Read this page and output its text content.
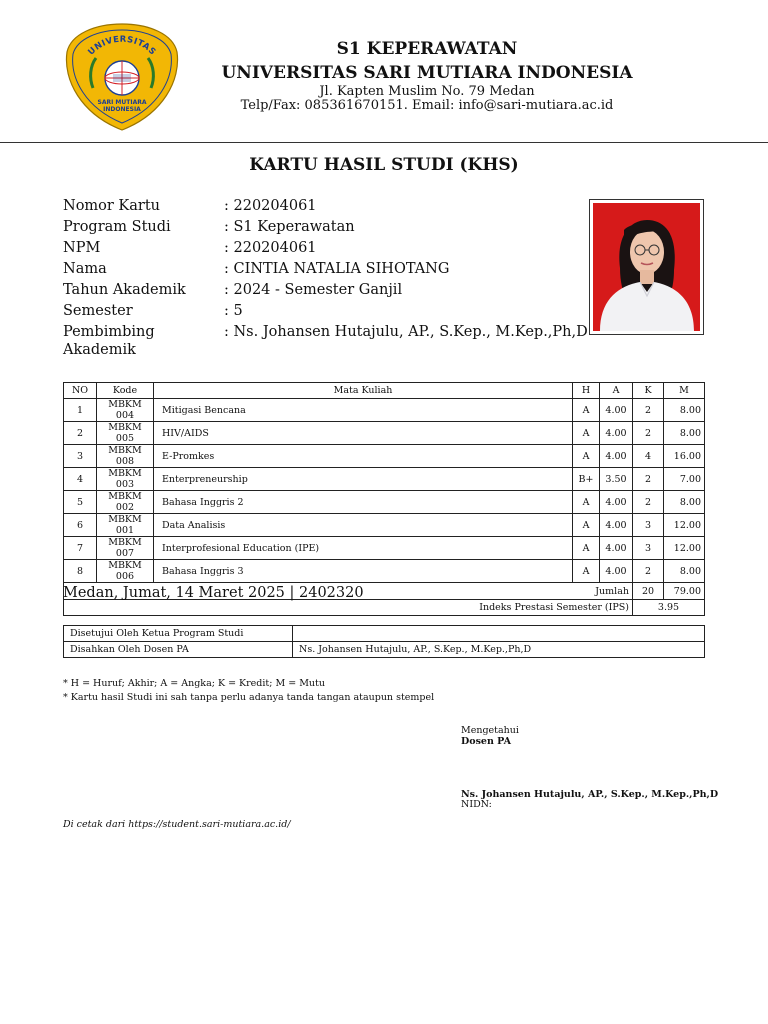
UNIVERSITAS
SARI MUTIARA
INDONESIA
S1 KEPERAWATAN
UNIVERSITAS SARI MUTIARA INDONESIA
Jl. Kapten Muslim No. 79 Medan
Telp/Fax: 085361670151. Email: info@sari-mutiara.ac.id
KARTU HASIL STUDI (KHS)
Nomor Kartu	: 220204061
Program Studi	: S1 Keperawatan
NPM	: 220204061
Nama	: CINTIA NATALIA SIHOTANG
Tahun Akademik	: 2024 - Semester Ganjil
Semester	: 5
Pembimbing
Akademik
: Ns. Johansen Hutajulu, AP., S.Kep., M.Kep.,Ph,D
NO	Kode	Mata Kuliah	H	A	K	M
1	MBKM 004	Mitigasi Bencana	A	4.00	2	8.00
2	MBKM 005	HIV/AIDS	A	4.00	2	8.00
3	MBKM 008	E-Promkes	A	4.00	4	16.00
4	MBKM 003	Enterpreneurship	B+	3.50	2	7.00
5	MBKM 002	Bahasa Inggris 2	A	4.00	2	8.00
6	MBKM 001	Data Analisis	A	4.00	3	12.00
7	MBKM 007	Interprofesional Education (IPE)	A	4.00	3	12.00
8	MBKM 006	Bahasa Inggris 3	A	4.00	2	8.00
Jumlah					20	79.00
Indeks Prestasi Semester (IPS)					3.95	
Medan, Jumat, 14 Maret 2025 | 2402320
Disetujui Oleh Ketua Program Studi	
Disahkan Oleh Dosen PA	Ns. Johansen Hutajulu, AP., S.Kep., M.Kep.,Ph,D
* H = Huruf; Akhir; A = Angka; K = Kredit; M = Mutu
* Kartu hasil Studi ini sah tanpa perlu adanya tanda tangan ataupun stempel
Mengetahui
Dosen PA
Ns. Johansen Hutajulu, AP., S.Kep., M.Kep.,Ph,D
NIDN:
Di cetak dari https://student.sari-mutiara.ac.id/
